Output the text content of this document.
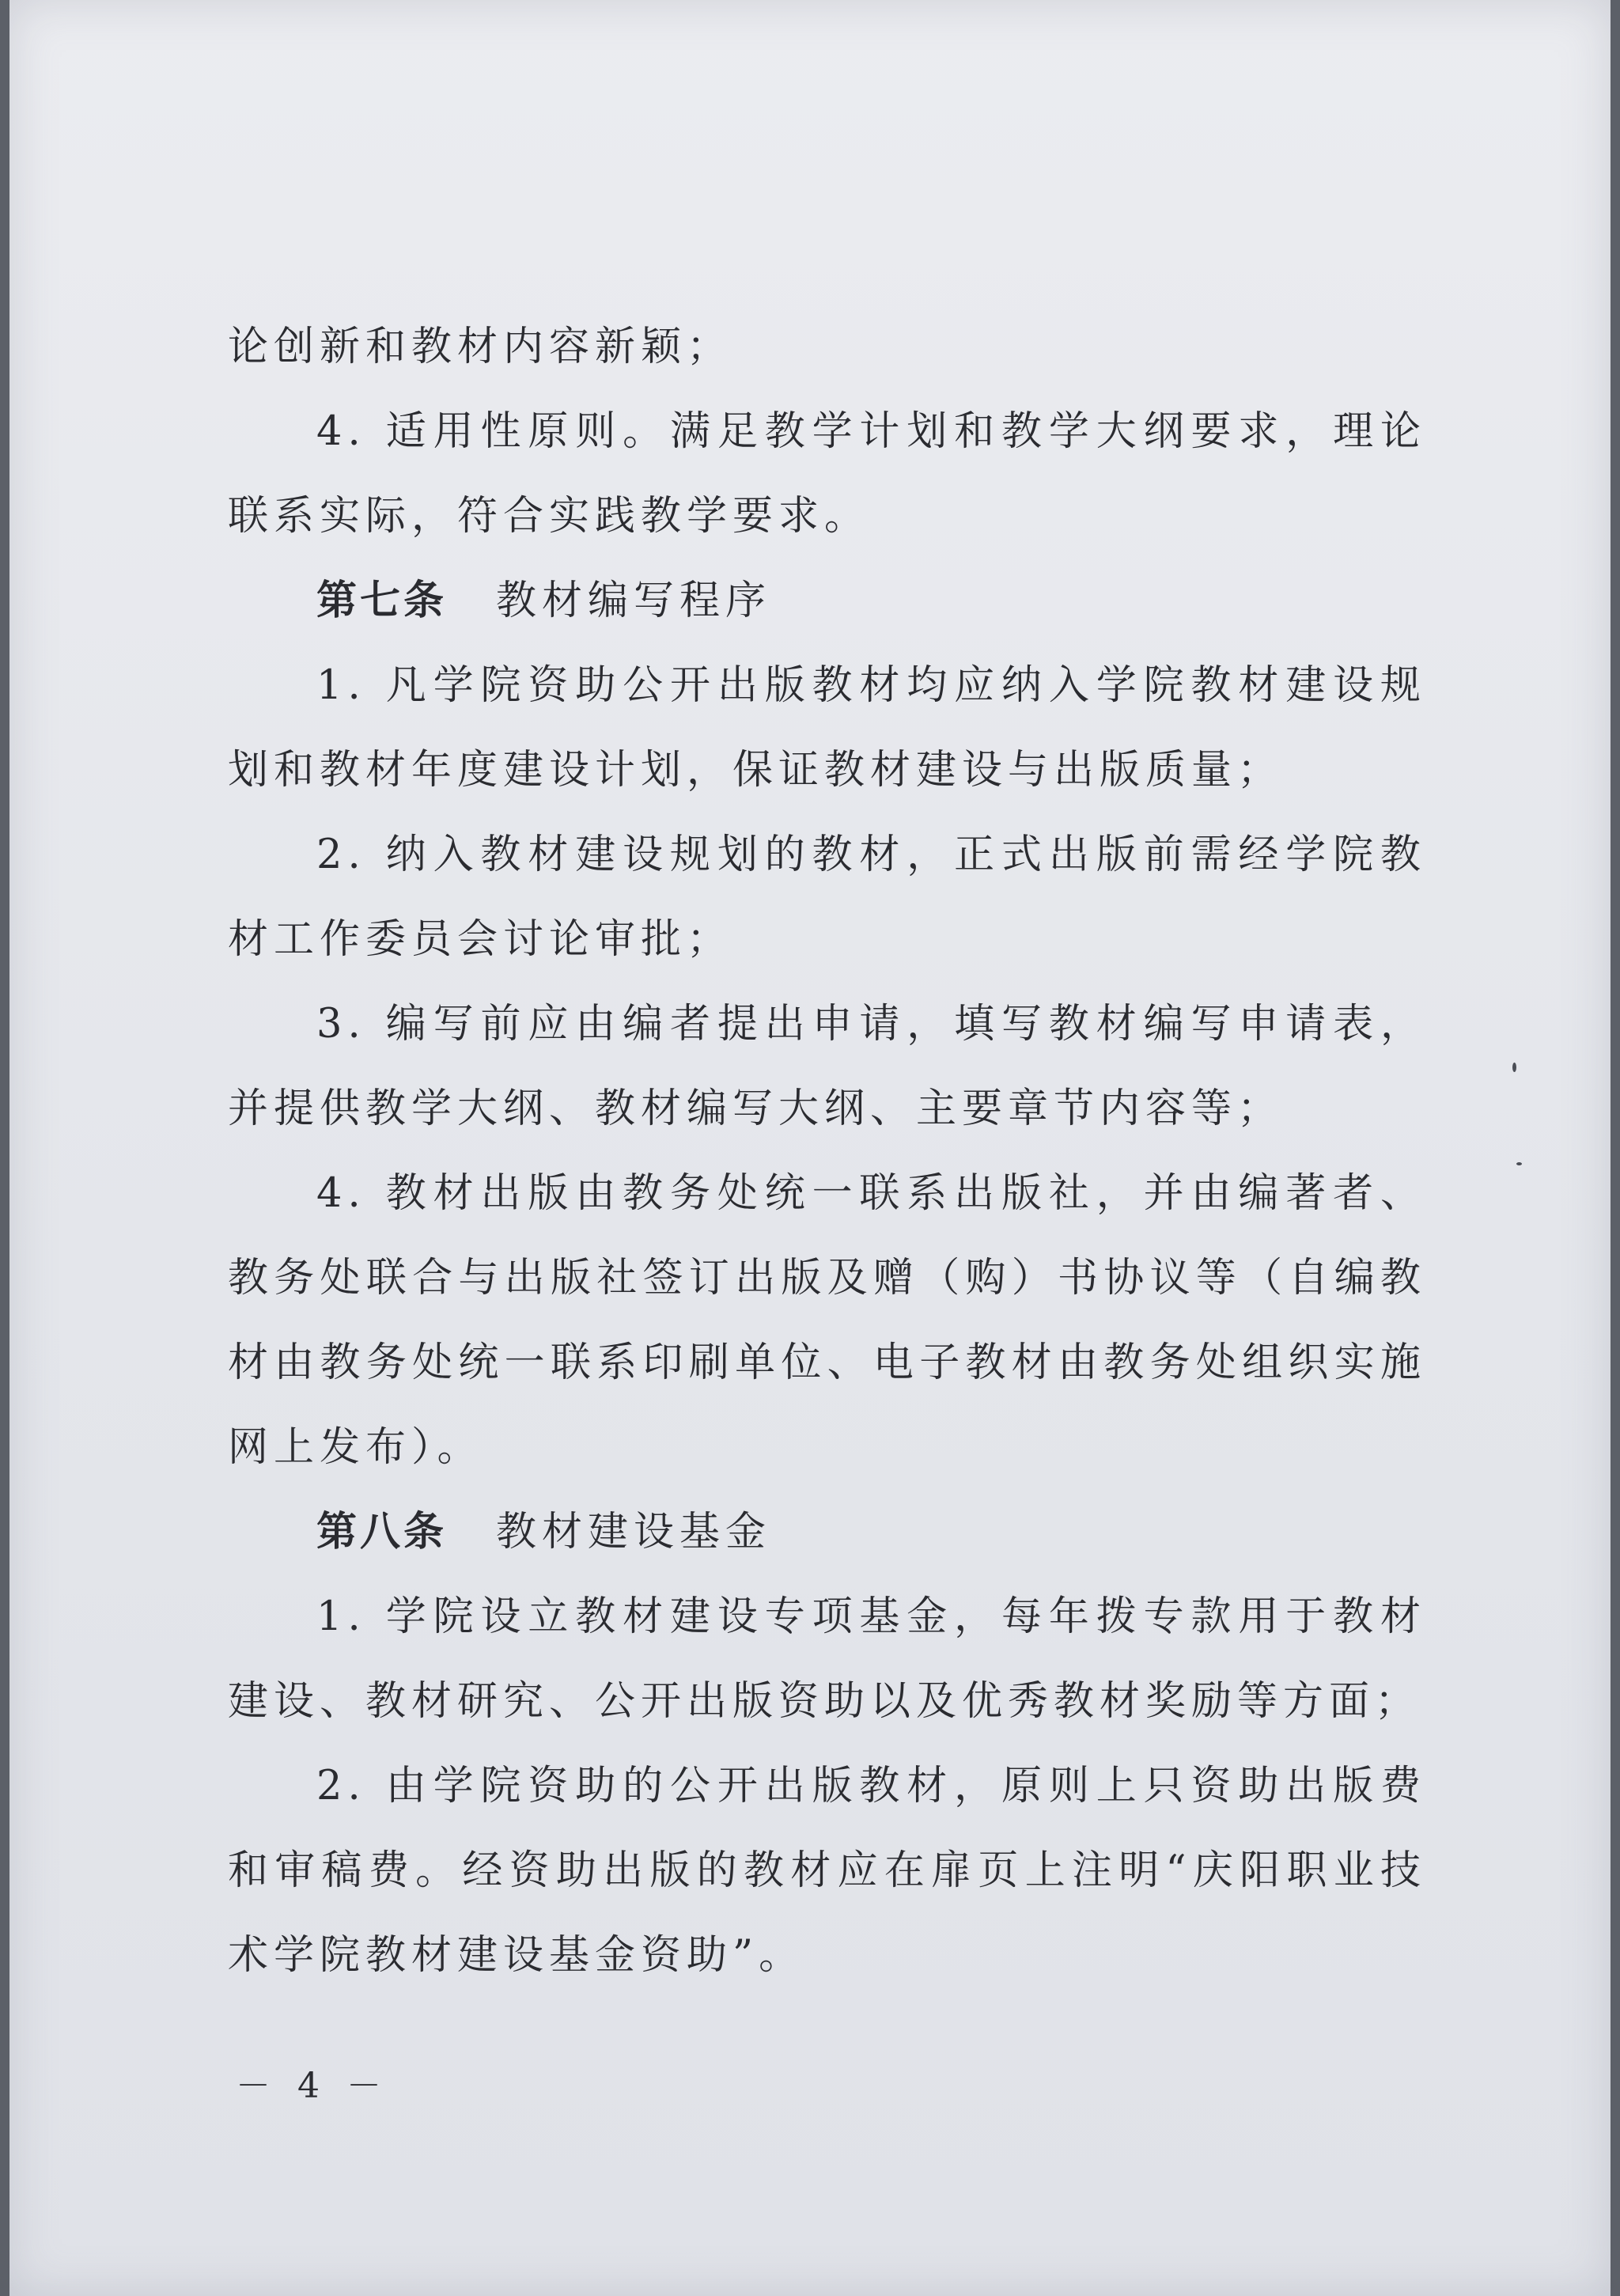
论创新和教材内容新颖；

4. 适用性原则。满足教学计划和教学大纲要求，理论联系实际，符合实践教学要求。

第七条 教材编写程序

1. 凡学院资助公开出版教材均应纳入学院教材建设规划和教材年度建设计划，保证教材建设与出版质量；

2. 纳入教材建设规划的教材，正式出版前需经学院教材工作委员会讨论审批；

3. 编写前应由编者提出申请，填写教材编写申请表，并提供教学大纲、教材编写大纲、主要章节内容等；

4. 教材出版由教务处统一联系出版社，并由编著者、教务处联合与出版社签订出版及赠（购）书协议等（自编教材由教务处统一联系印刷单位、电子教材由教务处组织实施网上发布）。

第八条 教材建设基金

1. 学院设立教材建设专项基金，每年拨专款用于教材建设、教材研究、公开出版资助以及优秀教材奖励等方面；

2. 由学院资助的公开出版教材，原则上只资助出版费和审稿费。经资助出版的教材应在扉页上注明“庆阳职业技术学院教材建设基金资助”。

－ 4 －
